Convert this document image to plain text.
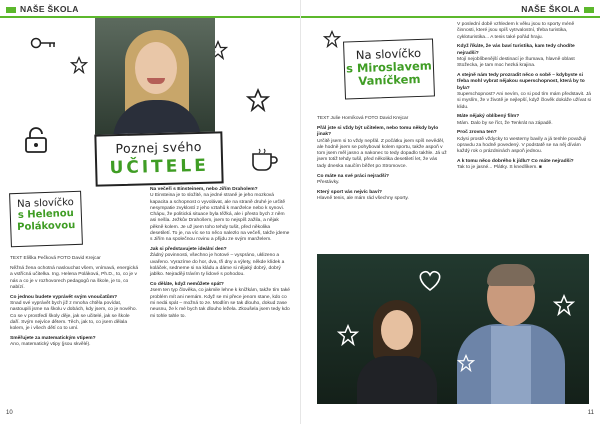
NAŠE ŠKOLA
Poznej svého
UČITELE
Na slovíčko
s Helenou
Polákovou
TEXT Eliška Pečková FOTO David Krejcar

Něžná žena ochotná naslouchat všem, vnímavá, energická a vstřícná učitelka. Ing. Helena Poláková, Ph.D., to, co je v nás a co je v rozhovorech pedagogů na škole, je to, co nabízí.

Co jednou budete vyprávět svým vnoučatům?

Snad své vyprávět bych již z mnoha chtěla povídat, nastoupili jsme na školu v dobách, kdy jsem, co je nového. Co se v prostředí školy děje, jak se učitelé, jak se škole daří. Svým nejvíce dětem. Těch, jak to, co jsem dělala kolem, je i všech dětí co to umí.

Směřujete za matematickým vtipem?

Ano, matematický vtipy (jsou skvělé).

Na večeři s Einsteinem, nebo Jiřím Draholem?

U Einsteina je to složité, na jedné straně je jeho mozková kapacita a schopnost o vyvolávat, ale na straně druhé je určitě nesympatie zvyklostí z jeho vztahů k manželce nebo k synovi. Chápu, že politická situace byla těžká, ale i přesto bych z něm asi nešla. Ježkův Drahošem, jsem to nejspíš zažila, a nějak pěkně kolem. Je už jsem toho tehdy tušit, před několika desetiletí. To je, na víc se to něco nalezlo na večeři, takže jdeme s Jiřím na společnou rovinu a přijdu ze svým manželem.

Jak si představujete ideální den?

Žádný povinnosti, všechno je hotové – vyspráno, uklizeno a uvařeno. Vyrazíme do hor, dva, tři dny a výlety, někde klídek a koláček, sedneme si na kládu a dáme si nějaký dobrý, dobrý jablko. Nejraději trávím ty lidové s pohodou.

Co děláte, když nemůžete spát?

Jsem ten typ člověka, co jakmile lehne k knížkám, takže tím také problém mít ani nemám. Když se mi přece jenom stane, kdo co mi nedá spát – možná to ze. Modlím se tak dlouho, dokud zase neusnu, že k mé bych tak dlouho ležela. Zkoušela jsem tedy kdo mi tohle tahle to.

10
NAŠE ŠKOLA
Na slovíčko
s Miroslavem
Vaníčkem
TEXT Julie Horníková FOTO David Krejcar
Přál jste si vždy být učitelem, nebo tomu někdy bylo jinak?

Určitě jsem si to vždy nepřál. Z počátku jsem spíš nevěděl, ale hodně jsem se pohyboval kolem sportu, takže aspoň v tom jsem měl jasno a nakonec to tedy dopadlo takhle. Já už jsem totiž tehdy tušil, před několika desetiletí let, že vás tady dneska naučím běžet po Stromovce.

Co máte na své práci nejradši?

Přestávky.

Který sport vás nejvíc baví?

Hlavně tenis, ale mám rád všechny sporty.

V poslední době vzhledem k věku jsou to sporty méně činnosti, které jsou spíš vytrvalostní, třeba turistika, cykloturistika... A tenis také pořád hraju.

Když říkáte, že vás baví turistika, kam tedy chodíte nejradši?

Mojí nejoblíbenější destinací je Šumava, hlavně oblast Stožecka, je tam moc hezká krajina.

A stejně nám tedy prozradit něco o sobě – kdybyste si třeba mohl vybrat nějakou superschopnost, která by to byla?

Superschopnost? Ani nevím, co si pod tím mám představit. Já si myslím, že v životě je nejlepší, když člověk dokáže užívat si klidu.

Máte nějaký oblíbený film?

Mám. Dalo by se říct, že Tenkrát na západě.

Proč zrovna ten?

Kdysi prostě vždycky to westerny bavily a já tenhle považuji opravdu za hodně povedený. V podstatě se na něj dívám každý rok o prázdninách aspoň jednou.

A k tomu něco dobrého k jídlu? Co máte nejradši?

Tak to je jasné... Plátky. S knedlíkem. ■

11
